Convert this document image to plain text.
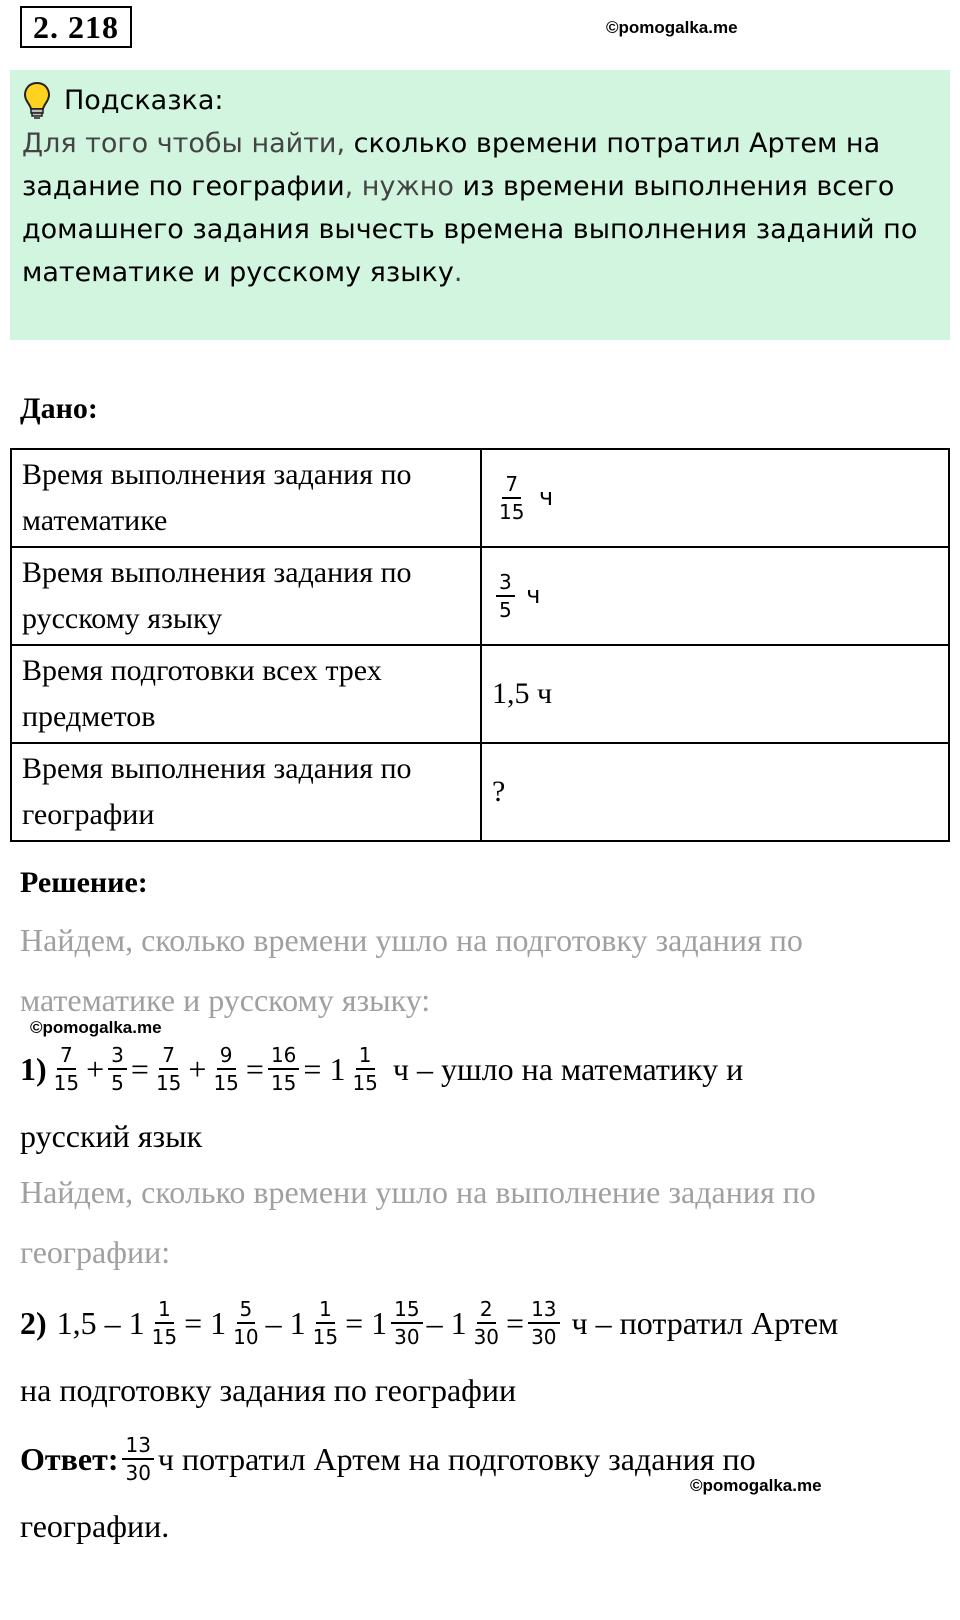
2. 218	©pomogalka.me
Подсказка:
Для того чтобы найти, сколько времени потратил Артем на задание по географии, нужно из времени выполнения всего домашнего задания вычесть времена выполнения заданий по математике и русскому языку.
Дано:
Время выполнения задания по математике	$\frac{7}{15}$ ч
Время выполнения задания по русскому языку	$\frac{3}{5}$ ч
Время подготовки всех трех предметов	1,5 ч
Время выполнения задания по географии	?
Решение:
Найдем, сколько времени ушло на подготовку задания по
математике и русскому языку:
©pomogalka.me
$1) \frac{7}{15} + \frac{3}{5} = \frac{7}{15} + \frac{9}{15} = \frac{16}{15} = 1 \frac{1}{15}$ ч – ушло на математику и
русский язык
Найдем, сколько времени ушло на выполнение задания по
географии:
2) $1,5 - 1 \frac{1}{15} = 1 \frac{5}{10} - 1 \frac{1}{15} = 1 \frac{15}{30} - 1 \frac{2}{30} = \frac{13}{30}$ ч – потратил Артем
на подготовку задания по географии
Ответ: $\frac{13}{30}$ ч потратил Артем на подготовку задания по
©pomogalka.me
географии.
